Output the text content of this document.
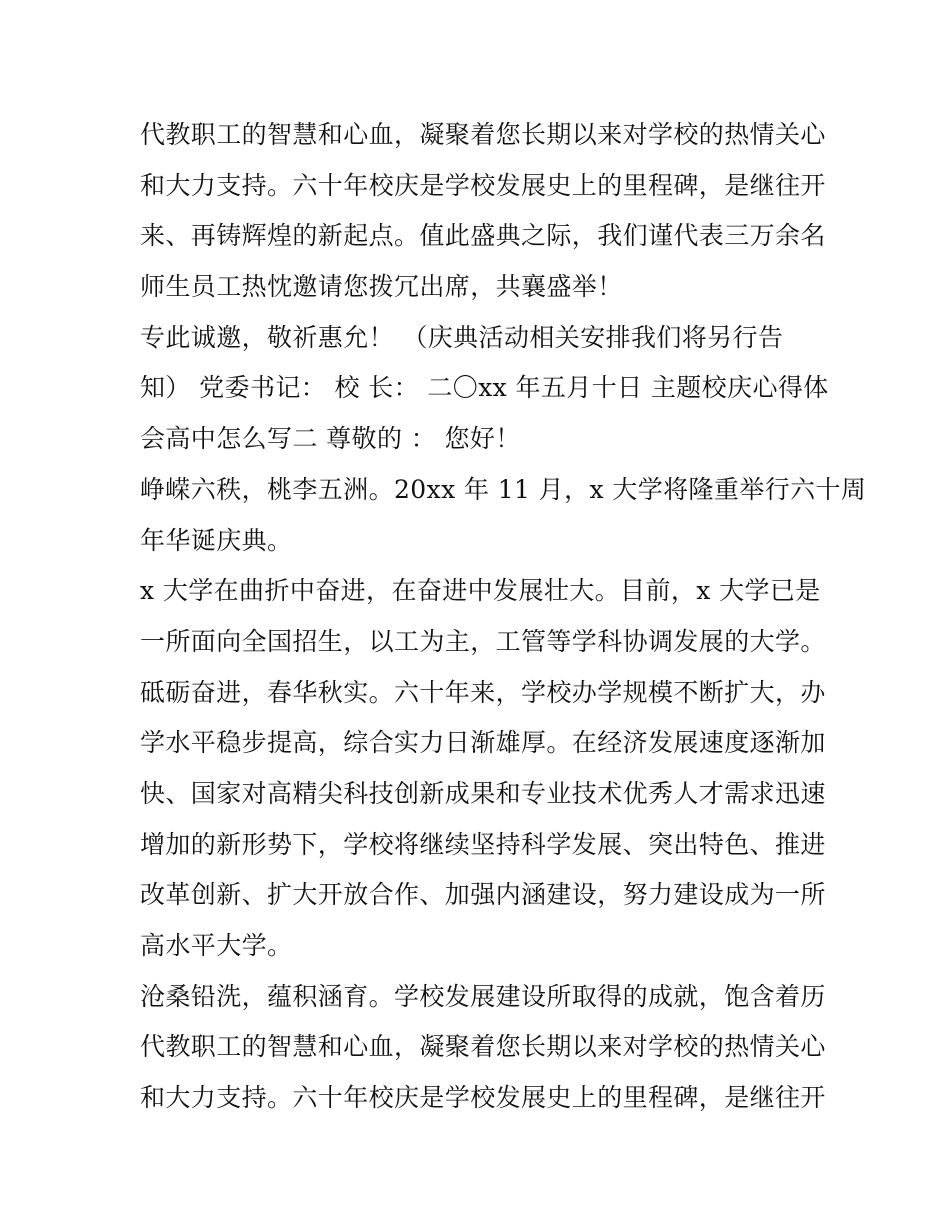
代教职工的智慧和心血，凝聚着您长期以来对学校的热情关心
和大力支持。六十年校庆是学校发展史上的里程碑，是继往开
来、再铸辉煌的新起点。值此盛典之际，我们谨代表三万余名
师生员工热忱邀请您拨冗出席，共襄盛举！
专此诚邀，敬祈惠允！ （庆典活动相关安排我们将另行告
知） 党委书记： 校 长： 二〇xx 年五月十日 主题校庆心得体
会高中怎么写二 尊敬的 ： 您好！
峥嵘六秩，桃李五洲。20xx 年 11 月，x 大学将隆重举行六十周
年华诞庆典。
x 大学在曲折中奋进，在奋进中发展壮大。目前，x 大学已是
一所面向全国招生，以工为主，工管等学科协调发展的大学。
砥砺奋进，春华秋实。六十年来，学校办学规模不断扩大，办
学水平稳步提高，综合实力日渐雄厚。在经济发展速度逐渐加
快、国家对高精尖科技创新成果和专业技术优秀人才需求迅速
增加的新形势下，学校将继续坚持科学发展、突出特色、推进
改革创新、扩大开放合作、加强内涵建设，努力建设成为一所
高水平大学。
沧桑铅洗，蕴积涵育。学校发展建设所取得的成就，饱含着历
代教职工的智慧和心血，凝聚着您长期以来对学校的热情关心
和大力支持。六十年校庆是学校发展史上的里程碑，是继往开
